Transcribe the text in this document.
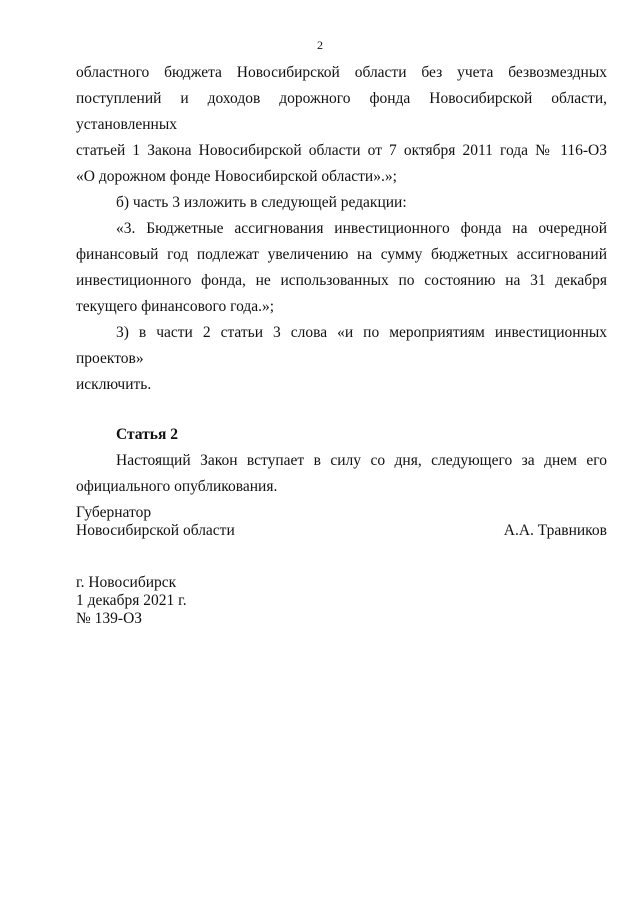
2
областного бюджета Новосибирской области без учета безвозмездных
поступлений и доходов дорожного фонда Новосибирской области, установленных
статьей 1 Закона Новосибирской области от 7 октября 2011 года № 116-ОЗ
«О дорожном фонде Новосибирской области».»;
б) часть 3 изложить в следующей редакции:
«3. Бюджетные ассигнования инвестиционного фонда на очередной
финансовый год подлежат увеличению на сумму бюджетных ассигнований
инвестиционного фонда, не использованных по состоянию на 31 декабря
текущего финансового года.»;
3) в части 2 статьи 3 слова «и по мероприятиям инвестиционных проектов»
исключить.
Статья 2
Настоящий Закон вступает в силу со дня, следующего за днем его
официального опубликования.
Губернатор
Новосибирской области	А.А. Травников
г. Новосибирск
1 декабря 2021 г.
№ 139-ОЗ
